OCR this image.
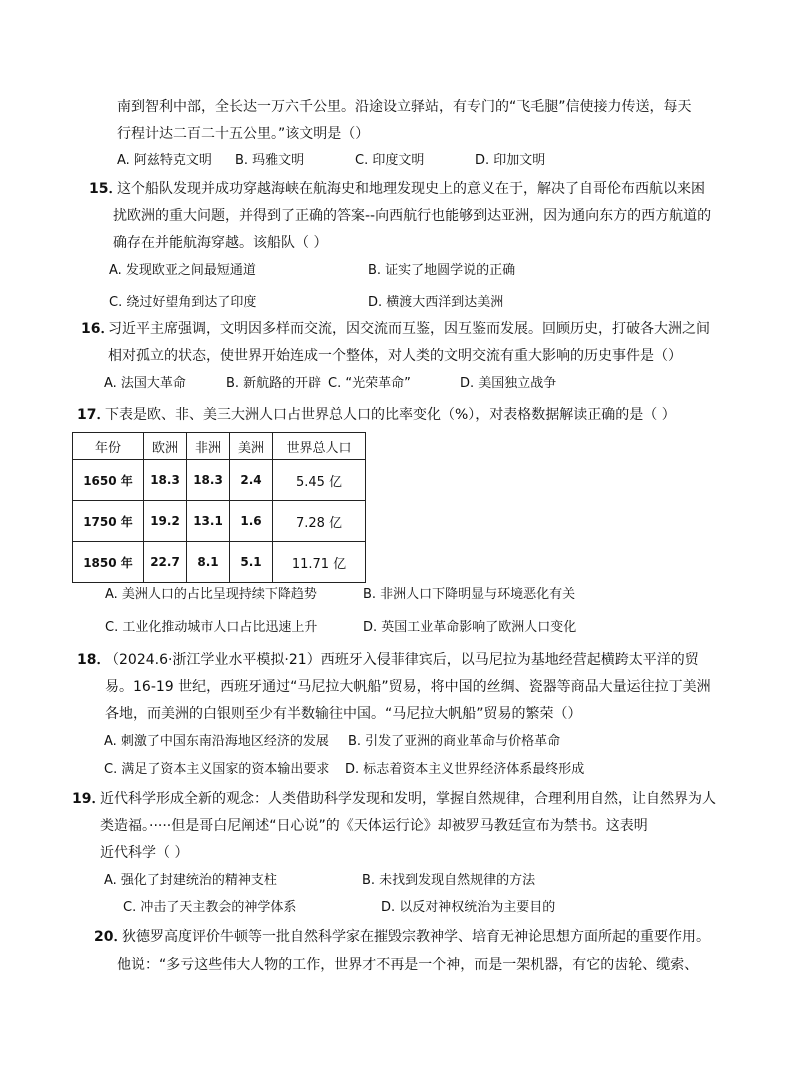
南到智利中部，全长达一万六千公里。沿途设立驿站，有专门的“飞毛腿”信使接力传送，每天
行程计达二百二十五公里。”该文明是（）
A. 阿兹特克文明 B. 玛雅文明	C. 印度文明	D. 印加文明
15．
这个船队发现并成功穿越海峡在航海史和地理发现史上的意义在于，解决了自哥伦布西航以来困
扰欧洲的重大问题，并得到了正确的答案--向西航行也能够到达亚洲，因为通向东方的西方航道的
确存在并能航海穿越。该船队（ ）
A. 发现欧亚之间最短通道	B. 证实了地圆学说的正确
C. 绕过好望角到达了印度	D. 横渡大西洋到达美洲
16．
习近平主席强调，文明因多样而交流，因交流而互鉴，因互鉴而发展。回顾历史，打破各大洲之间
相对孤立的状态，使世界开始连成一个整体，对人类的文明交流有重大影响的历史事件是（）
A. 法国大革命	B. 新航路的开辟 C. “光荣革命”	D. 美国独立战争
17．
下表是欧、非、美三大洲人口占世界总人口的比率变化（%），对表格数据解读正确的是（ ）
年份	欧洲	非洲	美洲	世界总人口
1650 年	18.3	18.3	2.4	5.45 亿
1750 年	19.2	13.1	1.6	7.28 亿
1850 年	22.7	8.1	5.1	11.71 亿
A. 美洲人口的占比呈现持续下降趋势	B. 非洲人口下降明显与环境恶化有关
C. 工业化推动城市人口占比迅速上升	D. 英国工业革命影响了欧洲人口变化
18．
（2024.6·浙江学业水平模拟·21）西班牙入侵菲律宾后，以马尼拉为基地经营起横跨太平洋的贸
易。16-19 世纪，西班牙通过“马尼拉大帆船”贸易，将中国的丝绸、瓷器等商品大量运往拉丁美洲
各地，而美洲的白银则至少有半数输往中国。“马尼拉大帆船”贸易的繁荣（）
A. 刺激了中国东南沿海地区经济的发展 B. 引发了亚洲的商业革命与价格革命
C. 满足了资本主义国家的资本输出要求 D. 标志着资本主义世界经济体系最终形成
19．
近代科学形成全新的观念：人类借助科学发现和发明，掌握自然规律，合理利用自然，让自然界为人
类造福。·····但是哥白尼阐述“日心说”的《天体运行论》却被罗马教廷宣布为禁书。这表明
近代科学（ ）
A. 强化了封建统治的精神支柱	B. 未找到发现自然规律的方法
C. 冲击了天主教会的神学体系	D. 以反对神权统治为主要目的
20．
狄德罗高度评价牛顿等一批自然科学家在摧毁宗教神学、培育无神论思想方面所起的重要作用。
他说：“多亏这些伟大人物的工作，世界才不再是一个神，而是一架机器，有它的齿轮、缆索、
